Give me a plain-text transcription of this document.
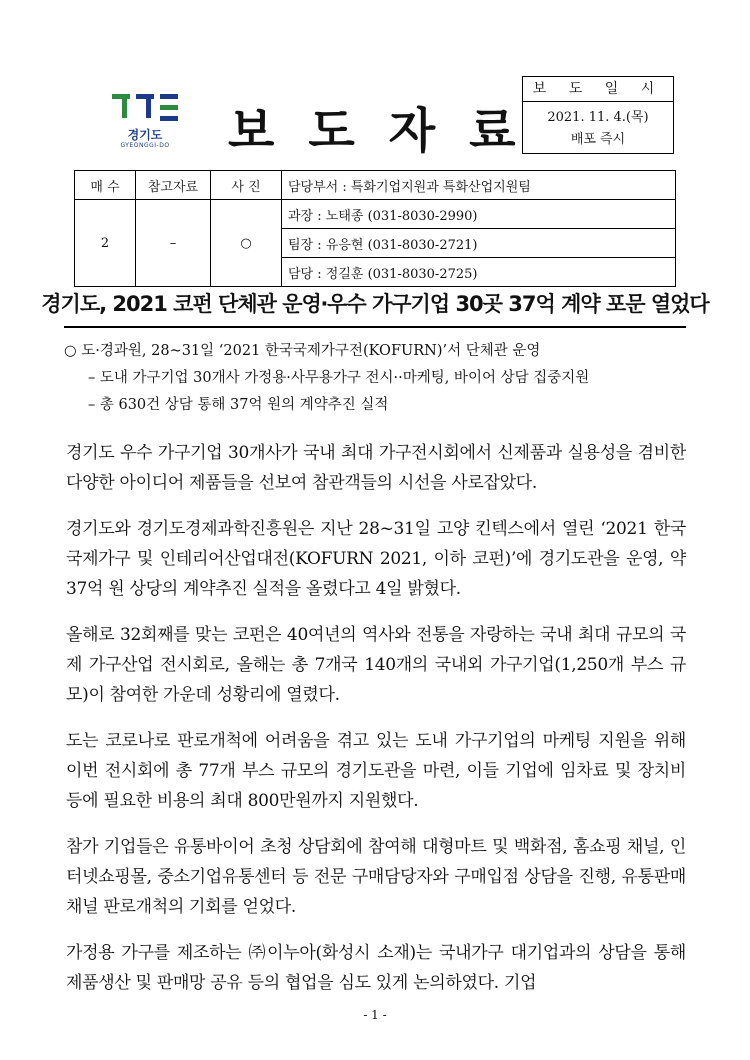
경기도
GYEONGGI-DO 보도자료
보 도 일 시
2021. 11. 4.(목)
배포 즉시
매 수	참고자료	사 진	담당부서 : 특화기업지원과 특화산업지원팀
2	–	○	과장 : 노태종 (031-8030-2990)
			팀장 : 유응현 (031-8030-2721)
			담당 : 정길훈 (031-8030-2725)
경기도, 2021 코펀 단체관 운영‧우수 가구기업 30곳 37억 계약 포문 열었다
○ 도·경과원, 28~31일 ‘2021 한국국제가구전(KOFURN)’서 단체관 운영
– 도내 가구기업 30개사 가정용·사무용가구 전시··마케팅, 바이어 상담 집중지원
– 총 630건 상담 통해 37억 원의 계약추진 실적

경기도 우수 가구기업 30개사가 국내 최대 가구전시회에서 신제품과 실용성을 겸비한 다양한 아이디어 제품들을 선보여 참관객들의 시선을 사로잡았다.

경기도와 경기도경제과학진흥원은 지난 28~31일 고양 킨텍스에서 열린 ‘2021 한국국제가구 및 인테리어산업대전(KOFURN 2021, 이하 코펀)’에 경기도관을 운영, 약 37억 원 상당의 계약추진 실적을 올렸다고 4일 밝혔다.

올해로 32회째를 맞는 코펀은 40여년의 역사와 전통을 자랑하는 국내 최대 규모의 국제 가구산업 전시회로, 올해는 총 7개국 140개의 국내외 가구기업(1,250개 부스 규모)이 참여한 가운데 성황리에 열렸다.

도는 코로나로 판로개척에 어려움을 겪고 있는 도내 가구기업의 마케팅 지원을 위해 이번 전시회에 총 77개 부스 규모의 경기도관을 마련, 이들 기업에 임차료 및 장치비 등에 필요한 비용의 최대 800만원까지 지원했다.

참가 기업들은 유통바이어 초청 상담회에 참여해 대형마트 및 백화점, 홈쇼핑 채널, 인터넷쇼핑몰, 중소기업유통센터 등 전문 구매담당자와 구매입점 상담을 진행, 유통판매 채널 판로개척의 기회를 얻었다.

가정용 가구를 제조하는 ㈜이누아(화성시 소재)는 국내가구 대기업과의 상담을 통해 제품생산 및 판매망 공유 등의 협업을 심도 있게 논의하였다. 기업

- 1 -
